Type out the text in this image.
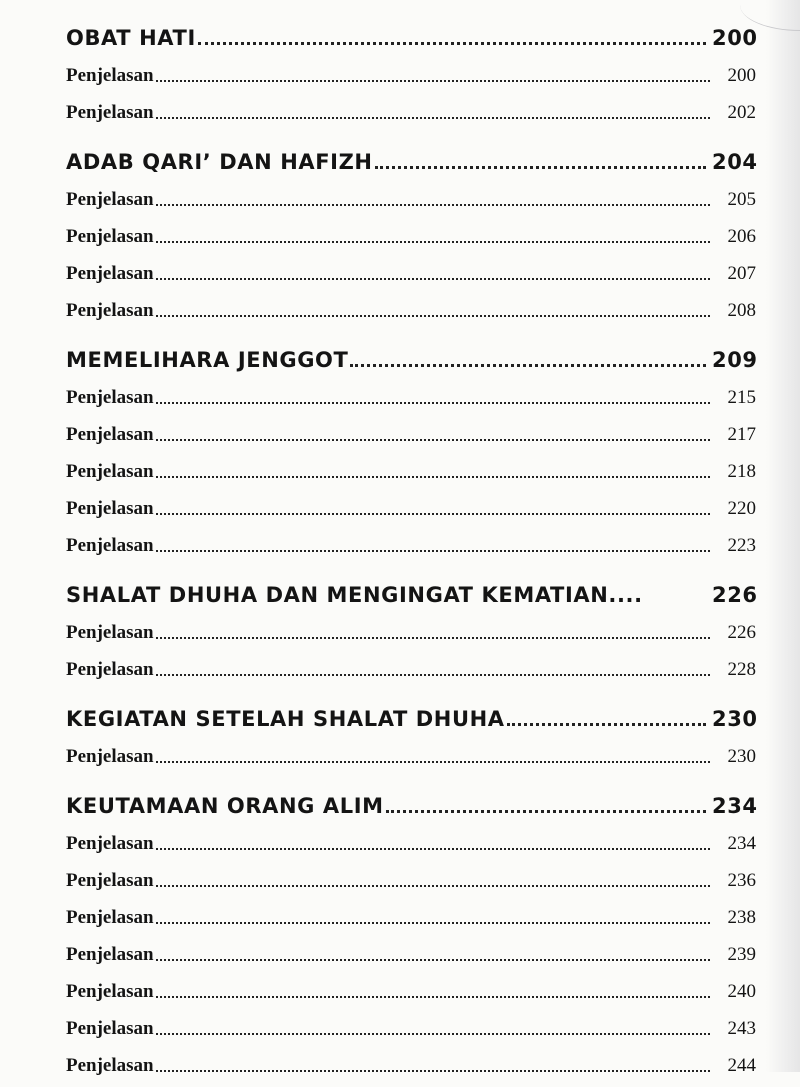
OBAT HATI	200
Penjelasan	200
Penjelasan	202
ADAB QARI’ DAN HAFIZH	204
Penjelasan	205
Penjelasan	206
Penjelasan	207
Penjelasan	208
MEMELIHARA JENGGOT	209
Penjelasan	215
Penjelasan	217
Penjelasan	218
Penjelasan	220
Penjelasan	223
SHALAT DHUHA DAN MENGINGAT KEMATIAN....	226
Penjelasan	226
Penjelasan	228
KEGIATAN SETELAH SHALAT DHUHA	230
Penjelasan	230
KEUTAMAAN ORANG ALIM	234
Penjelasan	234
Penjelasan	236
Penjelasan	238
Penjelasan	239
Penjelasan	240
Penjelasan	243
Penjelasan	244
